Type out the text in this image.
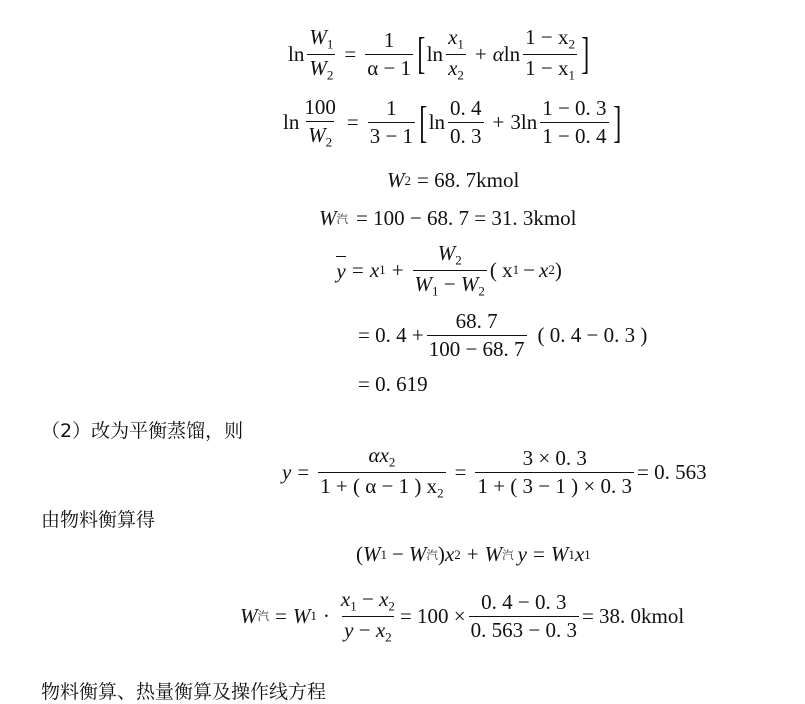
$\ln \frac{W_1}{W_2} = \frac{1}{\alpha - 1}$ [ $\ln \frac{x_1}{x_2} + \alpha$ $\ln \frac{1 - x_2}{1 - x_1}$ ]
$\ln \frac{100}{W_2} = \frac{1}{3 - 1}$ [ $\ln \frac{0. 4}{0. 3} + 3\ln \frac{1 - 0. 3}{1 - 0. 4}$ ]
W 2 = 68. 7kmol
W 汽 = 100 − 68. 7 = 31. 3kmol
y = x $1 + \frac{W_2}{W_1 - W_2}$ ( x 1 − x 2 )
= 0. $4 + \frac{68. 7}{100 - 68. 7}$ ( 0. 4 − 0. 3 )
= 0. 619
（2）改为平衡蒸馏，则
$y = \frac{\alpha x_2}{1 + ( \alpha - 1 ) x_2} = \frac{3 \times 0. 3}{1 + ( 3 - 1 ) \times 0. 3} = 0$. 563
由物料衡算得
( W 1 − W 汽 ) x 2 + W 汽 y = W 1 x 1
W 汽 = W $1 \cdot \frac{x_1 - x_2}{y - x_2} = 100 \times \frac{0. 4 - 0. 3}{0. 563 - 0. 3} = 38$. 0kmol
物料衡算、热量衡算及操作线方程
